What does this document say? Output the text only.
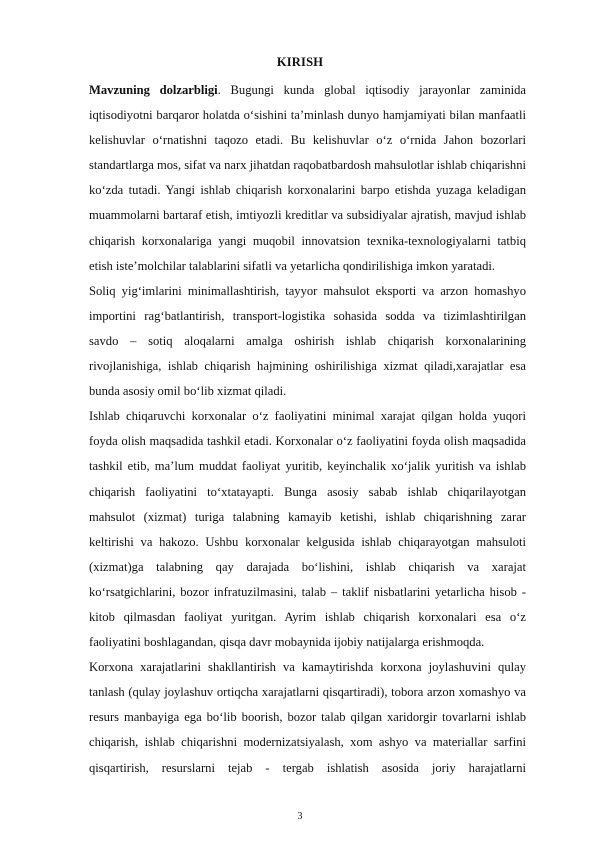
KIRISH

Mavzuning dolzarbligi. Bugungi kunda global iqtisodiy jarayonlar zaminida iqtisodiyotni barqaror holatda o‘sishini ta’minlash dunyo hamjamiyati bilan manfaatli kelishuvlar o‘rnatishni taqozo etadi. Bu kelishuvlar o‘z o‘rnida Jahon bozorlari standartlarga mos, sifat va narx jihatdan raqobatbardosh mahsulotlar ishlab chiqarishni ko‘zda tutadi. Yangi ishlab chiqarish korxonalarini barpo etishda yuzaga keladigan muammolarni bartaraf etish, imtiyozli kreditlar va subsidiyalar ajratish, mavjud ishlab chiqarish korxonalariga yangi muqobil innovatsion texnika-texnologiyalarni tatbiq etish iste’molchilar talablarini sifatli va yetarlicha qondirilishiga imkon yaratadi.

Soliq yig‘imlarini minimallashtirish, tayyor mahsulot eksporti va arzon homashyo importini rag‘batlantirish, transport-logistika sohasida sodda va tizimlashtirilgan savdo – sotiq aloqalarni amalga oshirish ishlab chiqarish korxonalarining rivojlanishiga, ishlab chiqarish hajmining oshirilishiga xizmat qiladi,xarajatlar esa bunda asosiy omil bo‘lib xizmat qiladi.

Ishlab chiqaruvchi korxonalar o‘z faoliyatini minimal xarajat qilgan holda yuqori foyda olish maqsadida tashkil etadi. Korxonalar o‘z faoliyatini foyda olish maqsadida tashkil etib, ma’lum muddat faoliyat yuritib, keyinchalik xo‘jalik yuritish va ishlab chiqarish faoliyatini to‘xtatayapti. Bunga asosiy sabab ishlab chiqarilayotgan mahsulot (xizmat) turiga talabning kamayib ketishi, ishlab chiqarishning zarar keltirishi va hakozo. Ushbu korxonalar kelgusida ishlab chiqarayotgan mahsuloti (xizmat)ga talabning qay darajada bo‘lishini, ishlab chiqarish va xarajat ko‘rsatgichlarini, bozor infratuzilmasini, talab – taklif nisbatlarini yetarlicha hisob - kitob qilmasdan faoliyat yuritgan. Ayrim ishlab chiqarish korxonalari esa o‘z faoliyatini boshlagandan, qisqa davr mobaynida ijobiy natijalarga erishmoqda.

Korxona xarajatlarini shakllantirish va kamaytirishda korxona joylashuvini qulay tanlash (qulay joylashuv ortiqcha xarajatlarni qisqartiradi), tobora arzon xomashyo va resurs manbayiga ega bo‘lib boorish, bozor talab qilgan xaridorgir tovarlarni ishlab chiqarish, ishlab chiqarishni modernizatsiyalash, xom ashyo va materiallar sarfini qisqartirish, resurslarni tejab - tergab ishlatish asosida joriy harajatlarni

3
